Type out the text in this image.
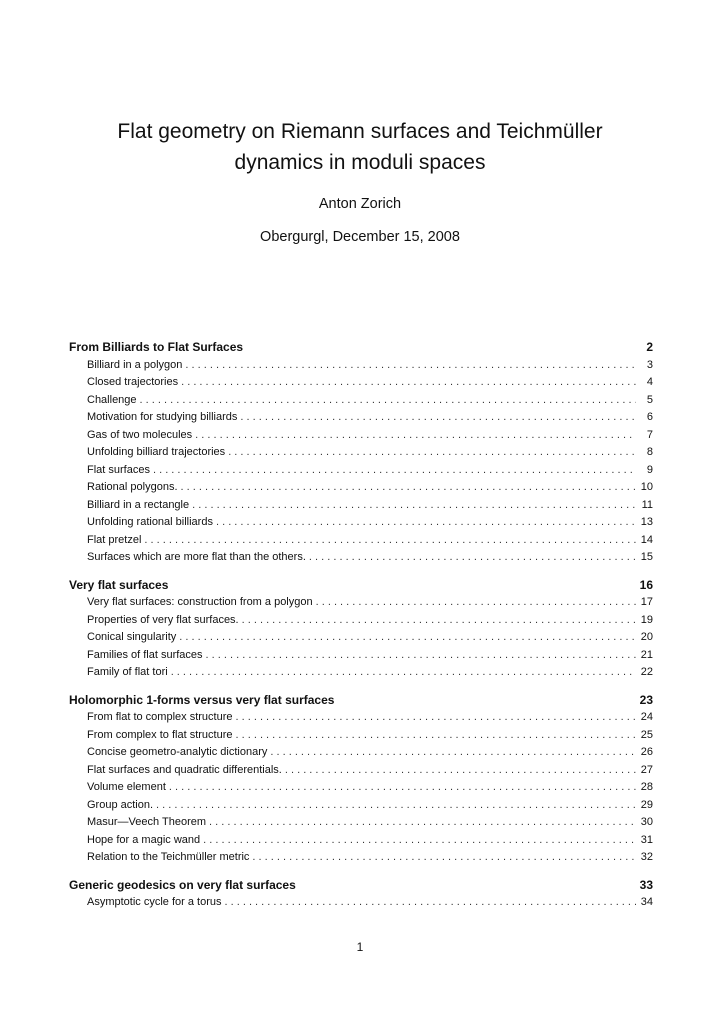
Flat geometry on Riemann surfaces and Teichmüller
dynamics in moduli spaces
Anton Zorich
Obergurgl, December 15, 2008
From Billiards to Flat Surfaces	2
Billiard in a polygon . . .	3
Closed trajectories . . .	4
Challenge . . .	5
Motivation for studying billiards . . .	6
Gas of two molecules . . .	7
Unfolding billiard trajectories . . .	8
Flat surfaces . . .	9
Rational polygons. . . .	10
Billiard in a rectangle . . .	11
Unfolding rational billiards . . .	13
Flat pretzel . . .	14
Surfaces which are more flat than the others. . . .	15
Very flat surfaces	16
Very flat surfaces: construction from a polygon . . .	17
Properties of very flat surfaces. . . .	19
Conical singularity . . .	20
Families of flat surfaces . . .	21
Family of flat tori . . .	22
Holomorphic 1-forms versus very flat surfaces	23
From flat to complex structure . . .	24
From complex to flat structure . . .	25
Concise geometro-analytic dictionary . . .	26
Flat surfaces and quadratic differentials. . . .	27
Volume element . . .	28
Group action. . . .	29
Masur—Veech Theorem . . .	30
Hope for a magic wand . . .	31
Relation to the Teichmüller metric . . .	32
Generic geodesics on very flat surfaces	33
Asymptotic cycle for a torus . . .	34
1
